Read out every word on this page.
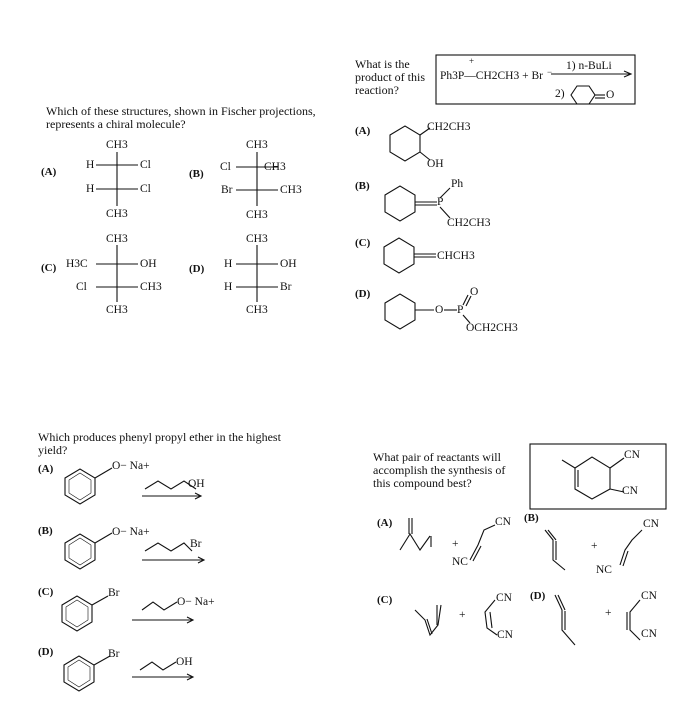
Which of these structures, shown in Fischer projections,
represents a chiral molecule?
(A)
CH3
H	Cl
H	Cl
CH3
(B)
CH3
Cl	CH3
Br	CH3
CH3
(C)
CH3
H3C	OH
Cl	CH3
CH3
(D)
CH3
H	OH
H	Br
CH3
What is the
product of this
reaction?
+
Ph3P—CH2CH3 + Br − 1) n-BuLi
2)	O
(A)	CH2CH3
OH
(B)	Ph
P
CH2CH3
(C)
CHCH3
(D)
O P
O
OCH2CH3
Which produces phenyl propyl ether in the highest
yield?
(A)	O− Na+
OH
(B)	O− Na+
Br
(C)	Br
O− Na+
(D)	Br
OH
What pair of reactants will
accomplish the synthesis of
this compound best?
CN
CN
(A)
+
CN
NC
(B)
+
CN
NC
(C)
+
CN
CN
(D)
+
CN
CN
